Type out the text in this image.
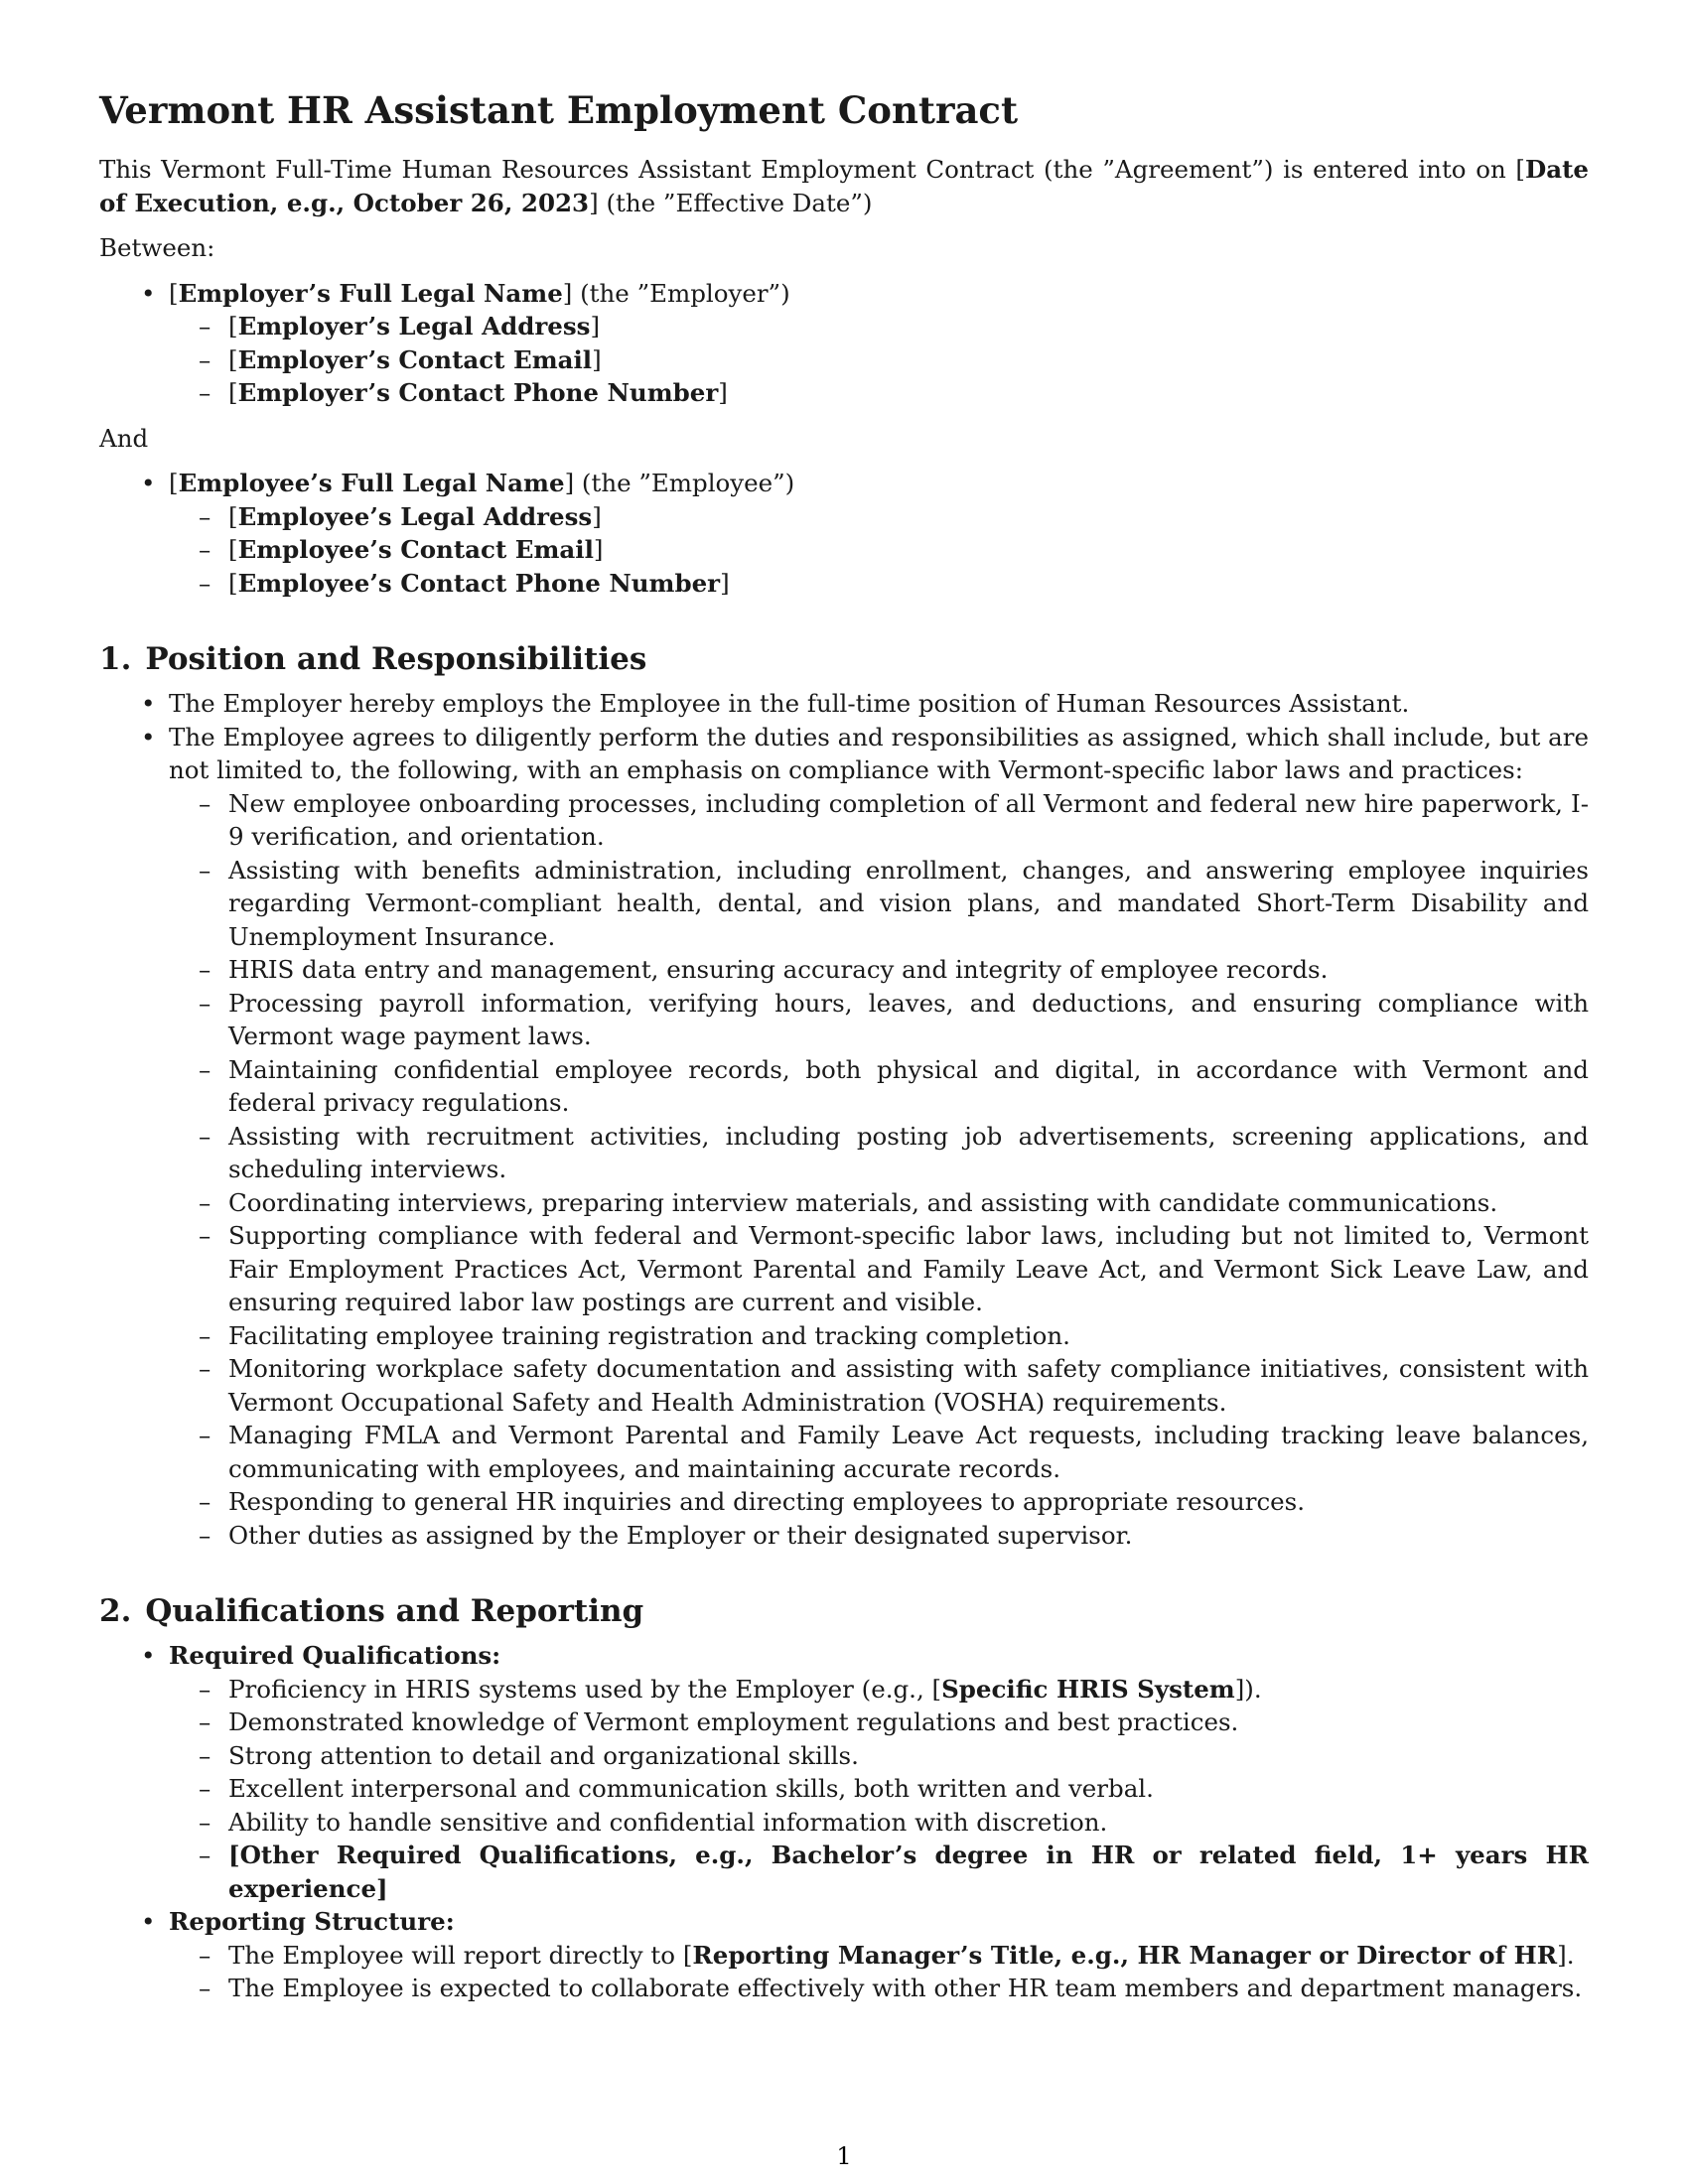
Vermont HR Assistant Employment Contract

This Vermont Full-Time Human Resources Assistant Employment Contract (the ”Agreement”) is entered into on [Date of Execution, e.g., October 26, 2023] (the ”Effective Date”)

Between:

• [Employer’s Full Legal Name] (the ”Employer”)
– [Employer’s Legal Address]
– [Employer’s Contact Email]
– [Employer’s Contact Phone Number]

And

• [Employee’s Full Legal Name] (the ”Employee”)
– [Employee’s Legal Address]
– [Employee’s Contact Email]
– [Employee’s Contact Phone Number]
1. Position and Responsibilities
• The Employer hereby employs the Employee in the full-time position of Human Resources Assistant.
• The Employee agrees to diligently perform the duties and responsibilities as assigned, which shall include, but are not limited to, the following, with an emphasis on compliance with Vermont-specific labor laws and practices:
– New employee onboarding processes, including completion of all Vermont and federal new hire paperwork, I-9 verification, and orientation.
– Assisting with benefits administration, including enrollment, changes, and answering employee inquiries regarding Vermont-compliant health, dental, and vision plans, and mandated Short-Term Disability and Unemployment Insurance.
– HRIS data entry and management, ensuring accuracy and integrity of employee records.
– Processing payroll information, verifying hours, leaves, and deductions, and ensuring compliance with Vermont wage payment laws.
– Maintaining confidential employee records, both physical and digital, in accordance with Vermont and federal privacy regulations.
– Assisting with recruitment activities, including posting job advertisements, screening applications, and scheduling interviews.
– Coordinating interviews, preparing interview materials, and assisting with candidate communications.
– Supporting compliance with federal and Vermont-specific labor laws, including but not limited to, Vermont Fair Employment Practices Act, Vermont Parental and Family Leave Act, and Vermont Sick Leave Law, and ensuring required labor law postings are current and visible.
– Facilitating employee training registration and tracking completion.
– Monitoring workplace safety documentation and assisting with safety compliance initiatives, consistent with Vermont Occupational Safety and Health Administration (VOSHA) requirements.
– Managing FMLA and Vermont Parental and Family Leave Act requests, including tracking leave balances, communicating with employees, and maintaining accurate records.
– Responding to general HR inquiries and directing employees to appropriate resources.
– Other duties as assigned by the Employer or their designated supervisor.
2. Qualifications and Reporting
• Required Qualifications:
– Proficiency in HRIS systems used by the Employer (e.g., [Specific HRIS System]).
– Demonstrated knowledge of Vermont employment regulations and best practices.
– Strong attention to detail and organizational skills.
– Excellent interpersonal and communication skills, both written and verbal.
– Ability to handle sensitive and confidential information with discretion.
– [Other Required Qualifications, e.g., Bachelor’s degree in HR or related field, 1+ years HR experience]
• Reporting Structure:
– The Employee will report directly to [Reporting Manager’s Title, e.g., HR Manager or Director of HR].
– The Employee is expected to collaborate effectively with other HR team members and department managers.
1
